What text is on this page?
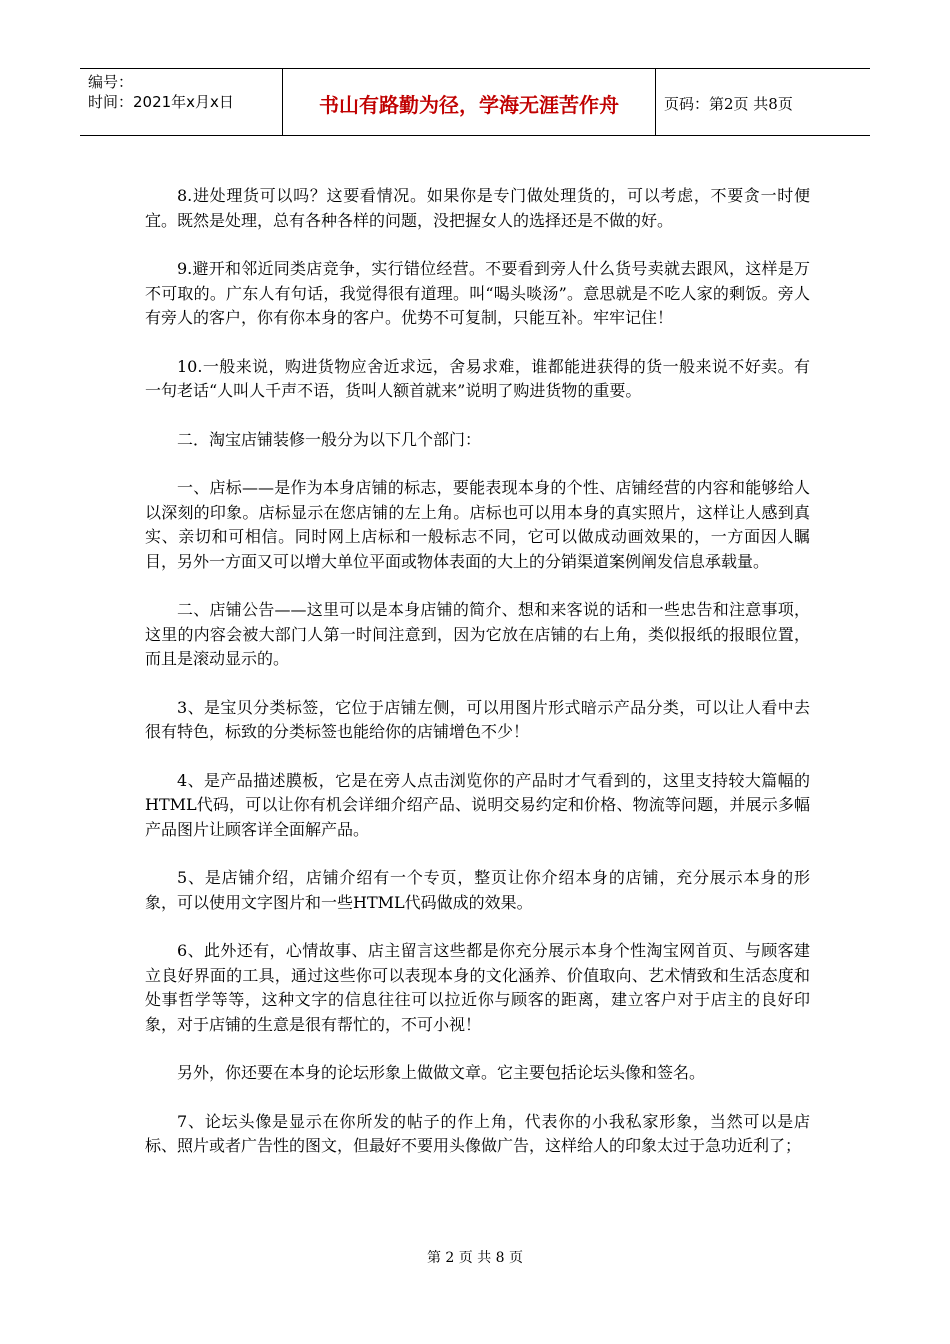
编号：
时间：2021年x月x日	书山有路勤为径，学海无涯苦作舟	页码：第2页 共8页

8.进处理货可以吗？这要看情况。如果你是专门做处理货的，可以考虑，不要贪一时便宜。既然是处理，总有各种各样的问题，没把握女人的选择还是不做的好。

9.避开和邻近同类店竞争，实行错位经营。不要看到旁人什么货号卖就去跟风，这样是万不可取的。广东人有句话，我觉得很有道理。叫“喝头啖汤”。意思就是不吃人家的剩饭。旁人有旁人的客户，你有你本身的客户。优势不可复制，只能互补。牢牢记住！

10.一般来说，购进货物应舍近求远，舍易求难，谁都能进获得的货一般来说不好卖。有一句老话“人叫人千声不语，货叫人额首就来”说明了购进货物的重要。

二．淘宝店铺装修一般分为以下几个部门：

一、店标——是作为本身店铺的标志，要能表现本身的个性、店铺经营的内容和能够给人以深刻的印象。店标显示在您店铺的左上角。店标也可以用本身的真实照片，这样让人感到真实、亲切和可相信。同时网上店标和一般标志不同，它可以做成动画效果的，一方面因人瞩目，另外一方面又可以增大单位平面或物体表面的大上的分销渠道案例阐发信息承载量。

二、店铺公告——这里可以是本身店铺的简介、想和来客说的话和一些忠告和注意事项，这里的内容会被大部门人第一时间注意到，因为它放在店铺的右上角，类似报纸的报眼位置，而且是滚动显示的。

3、是宝贝分类标签，它位于店铺左侧，可以用图片形式暗示产品分类，可以让人看中去很有特色，标致的分类标签也能给你的店铺增色不少！

4、是产品描述膜板，它是在旁人点击浏览你的产品时才气看到的，这里支持较大篇幅的HTML代码，可以让你有机会详细介绍产品、说明交易约定和价格、物流等问题，并展示多幅产品图片让顾客详全面解产品。

5、是店铺介绍，店铺介绍有一个专页，整页让你介绍本身的店铺，充分展示本身的形象，可以使用文字图片和一些HTML代码做成的效果。

6、此外还有，心情故事、店主留言这些都是你充分展示本身个性淘宝网首页、与顾客建立良好界面的工具，通过这些你可以表现本身的文化涵养、价值取向、艺术情致和生活态度和处事哲学等等，这种文字的信息往往可以拉近你与顾客的距离，建立客户对于店主的良好印象，对于店铺的生意是很有帮忙的，不可小视！

另外，你还要在本身的论坛形象上做做文章。它主要包括论坛头像和签名。

7、论坛头像是显示在你所发的帖子的作上角，代表你的小我私家形象，当然可以是店标、照片或者广告性的图文，但最好不要用头像做广告，这样给人的印象太过于急功近利了；

第 2 页 共 8 页
